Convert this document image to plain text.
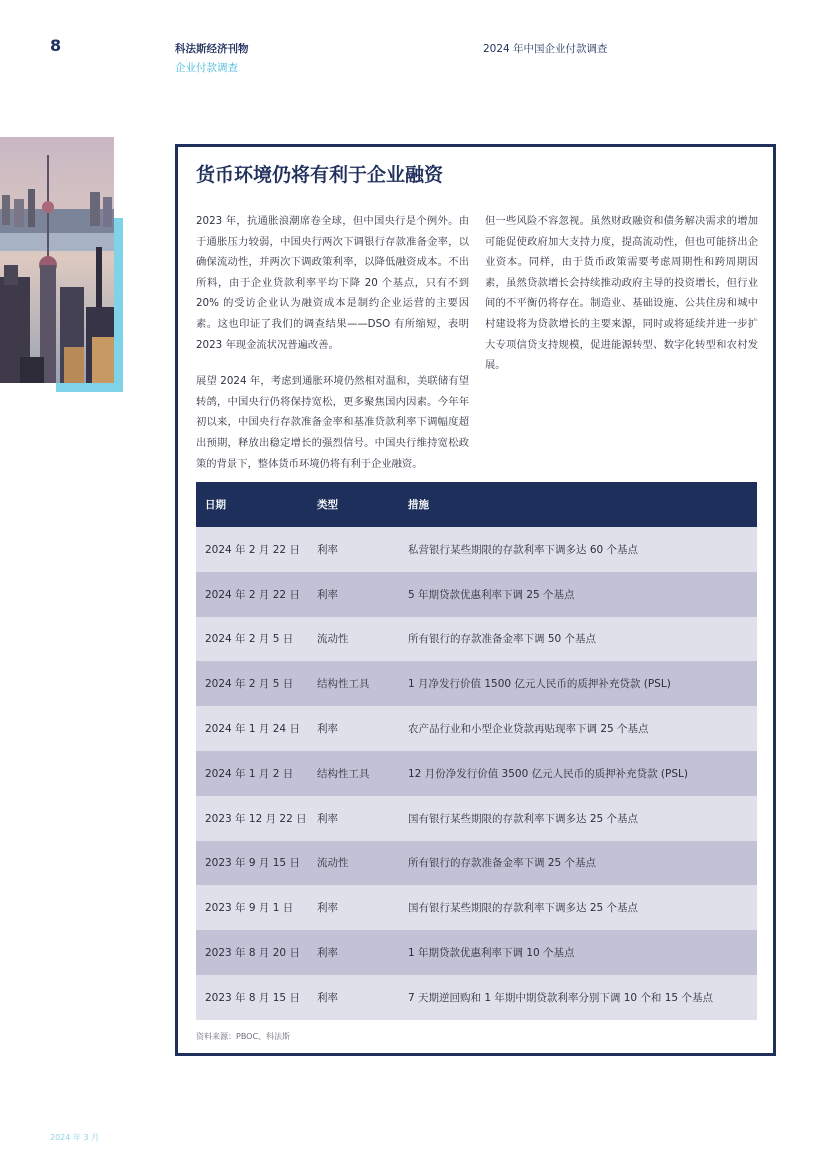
8	科法斯经济刊物
企业付款调查
2024 年中国企业付款调查
货币环境仍将有利于企业融资

2023 年，抗通胀浪潮席卷全球，但中国央行是个例外。由于通胀压力较弱，中国央行两次下调银行存款准备金率，以确保流动性，并两次下调政策利率，以降低融资成本。不出所料，由于企业贷款利率平均下降 20 个基点，只有不到 20% 的受访企业认为融资成本是制约企业运营的主要因素。这也印证了我们的调查结果——DSO 有所缩短，表明 2023 年现金流状况普遍改善。

展望 2024 年，考虑到通胀环境仍然相对温和，美联储有望转鸽，中国央行仍将保持宽松，更多聚焦国内因素。今年年初以来，中国央行存款准备金率和基准贷款利率下调幅度超出预期，释放出稳定增长的强烈信号。中国央行维持宽松政策的背景下，整体货币环境仍将有利于企业融资。

但一些风险不容忽视。虽然财政融资和债务解决需求的增加可能促使政府加大支持力度，提高流动性，但也可能挤出企业资本。同样，由于货币政策需要考虑周期性和跨周期因素，虽然贷款增长会持续推动政府主导的投资增长，但行业间的不平衡仍将存在。制造业、基础设施、公共住房和城中村建设将为贷款增长的主要来源，同时或将延续并进一步扩大专项信贷支持规模，促进能源转型、数字化转型和农村发展。

日期	类型	措施
2024 年 2 月 22 日	利率	私营银行某些期限的存款利率下调多达 60 个基点
2024 年 2 月 22 日	利率	5 年期贷款优惠利率下调 25 个基点
2024 年 2 月 5 日	流动性	所有银行的存款准备金率下调 50 个基点
2024 年 2 月 5 日	结构性工具	1 月净发行价值 1500 亿元人民币的质押补充贷款 (PSL)
2024 年 1 月 24 日	利率	农产品行业和小型企业贷款再贴现率下调 25 个基点
2024 年 1 月 2 日	结构性工具	12 月份净发行价值 3500 亿元人民币的质押补充贷款 (PSL)
2023 年 12 月 22 日 利率	国有银行某些期限的存款利率下调多达 25 个基点
2023 年 9 月 15 日	流动性	所有银行的存款准备金率下调 25 个基点
2023 年 9 月 1 日	利率	国有银行某些期限的存款利率下调多达 25 个基点
2023 年 8 月 20 日	利率	1 年期贷款优惠利率下调 10 个基点
2023 年 8 月 15 日	利率	7 天期逆回购和 1 年期中期贷款利率分别下调 10 个和 15 个基点
资料来源：PBOC、科法斯
2024 年 3 月
